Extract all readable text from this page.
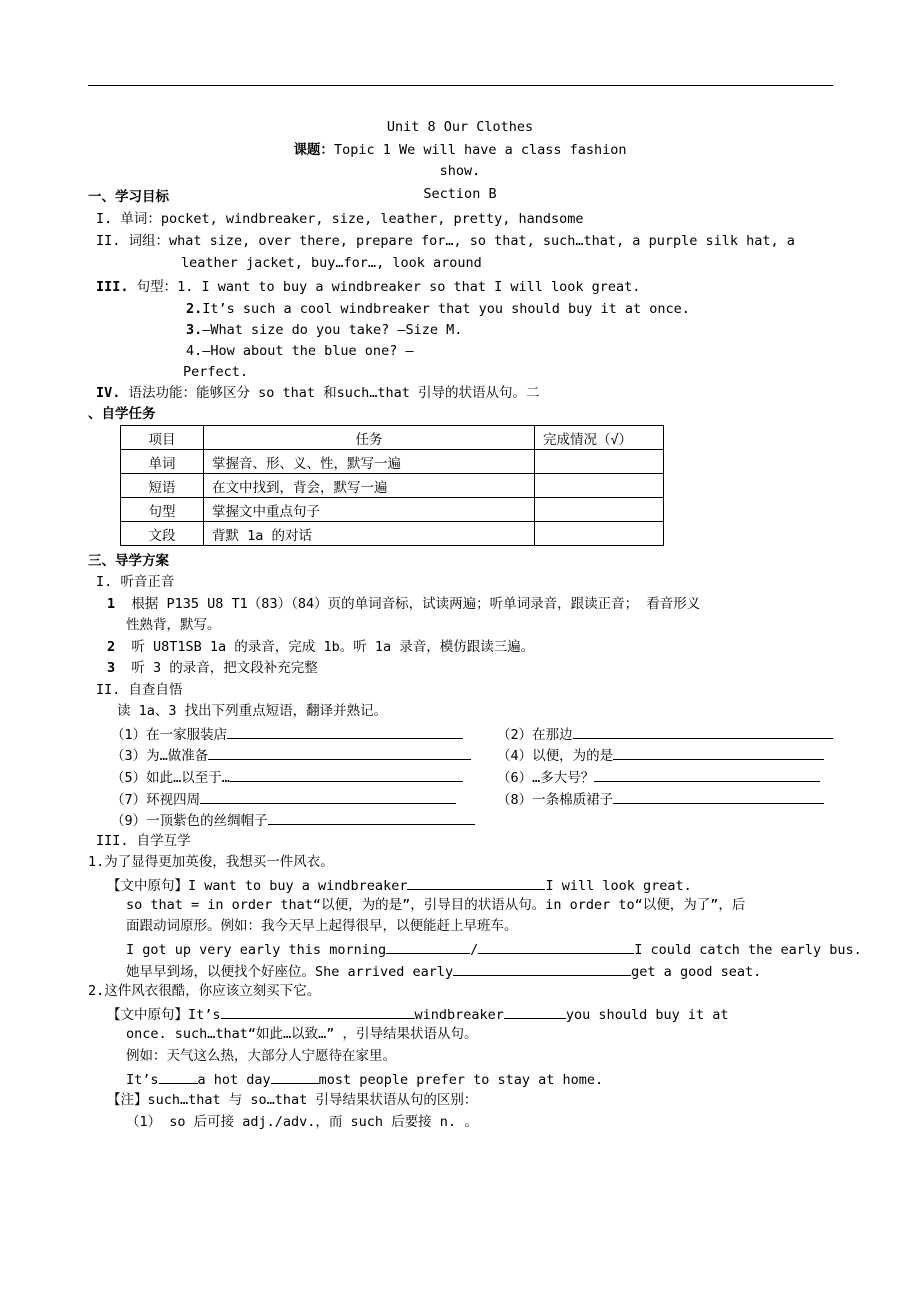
Unit 8 Our Clothes
课题：Topic 1 We will have a class fashion
show.
Section B
一、学习目标
I. 单词：pocket, windbreaker, size, leather, pretty, handsome
II. 词组：what size, over there, prepare for…, so that, such…that, a purple silk hat, a
leather jacket, buy…for…, look around
III. 句型：1. I want to buy a windbreaker so that I will look great.
2.It’s such a cool windbreaker that you should buy it at once.
3.—What size do you take? —Size M.
4.—How about the blue one? —
Perfect.
IV. 语法功能：能够区分 so that 和such…that 引导的状语从句。二
、自学任务
项目	任务	完成情况（√）
单词	掌握音、形、义、性，默写一遍	
短语	在文中找到，背会，默写一遍	
句型	掌握文中重点句子	
文段	背默 1a 的对话	
三、导学方案
I. 听音正音
1 根据 P135 U8 T1（83）（84）页的单词音标，试读两遍；听单词录音，跟读正音； 看音形义
性熟背，默写。
2 听 U8T1SB 1a 的录音，完成 1b。听 1a 录音，模仿跟读三遍。
3 听 3 的录音，把文段补充完整
II. 自查自悟
读 1a、3 找出下列重点短语，翻译并熟记。
（1）在一家服装店	（2）在那边
（3）为…做准备	（4）以便，为的是
（5）如此…以至于…	（6）…多大号？
（7）环视四周	（8）一条棉质裙子
（9）一顶紫色的丝绸帽子
III. 自学互学
1.为了显得更加英俊，我想买一件风衣。
【文中原句】I want to buy a windbreaker	I will look great.
so that = in order that“以便，为的是”，引导目的状语从句。in order to“以便，为了”，后
面跟动词原形。例如：我今天早上起得很早，以便能赶上早班车。
I got up very early this morning	/	I could catch the early bus.
她早早到场，以便找个好座位。She arrived early	get a good seat.
2.这件风衣很酷，你应该立刻买下它。
【文中原句】It’s	windbreaker	you should buy it at
once. such…that“如此…以致…” ，引导结果状语从句。
例如：天气这么热，大部分人宁愿待在家里。
It’s	a hot day	most people prefer to stay at home.
【注】such…that 与 so…that 引导结果状语从句的区别：
（1） so 后可接 adj./adv.，而 such 后要接 n. 。
